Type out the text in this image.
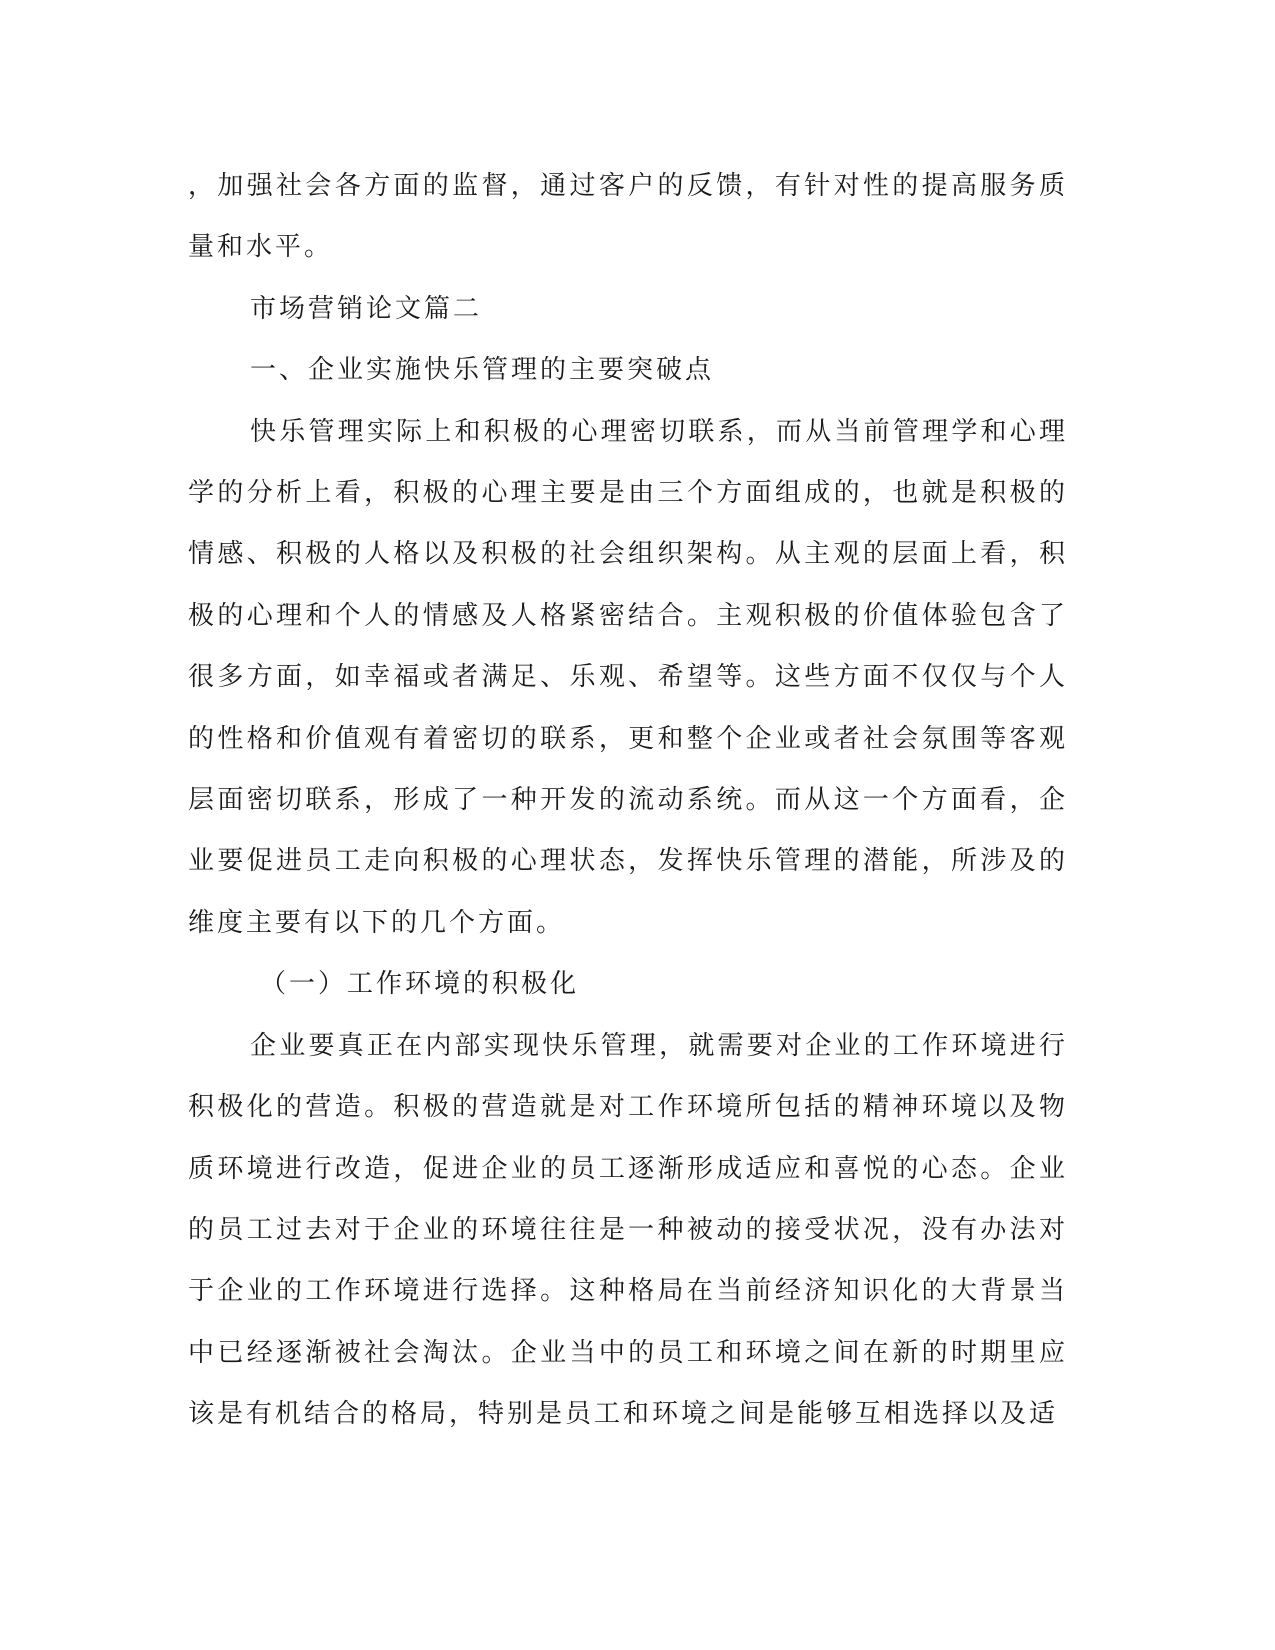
，加强社会各方面的监督，通过客户的反馈，有针对性的提高服务质量和水平。

市场营销论文篇二

一、企业实施快乐管理的主要突破点

快乐管理实际上和积极的心理密切联系，而从当前管理学和心理学的分析上看，积极的心理主要是由三个方面组成的，也就是积极的情感、积极的人格以及积极的社会组织架构。从主观的层面上看，积极的心理和个人的情感及人格紧密结合。主观积极的价值体验包含了很多方面，如幸福或者满足、乐观、希望等。这些方面不仅仅与个人的性格和价值观有着密切的联系，更和整个企业或者社会氛围等客观层面密切联系，形成了一种开发的流动系统。而从这一个方面看，企业要促进员工走向积极的心理状态，发挥快乐管理的潜能，所涉及的维度主要有以下的几个方面。

（一）工作环境的积极化

企业要真正在内部实现快乐管理，就需要对企业的工作环境进行积极化的营造。积极的营造就是对工作环境所包括的精神环境以及物质环境进行改造，促进企业的员工逐渐形成适应和喜悦的心态。企业的员工过去对于企业的环境往往是一种被动的接受状况，没有办法对于企业的工作环境进行选择。这种格局在当前经济知识化的大背景当中已经逐渐被社会淘汰。企业当中的员工和环境之间在新的时期里应该是有机结合的格局，特别是员工和环境之间是能够互相选择以及适
